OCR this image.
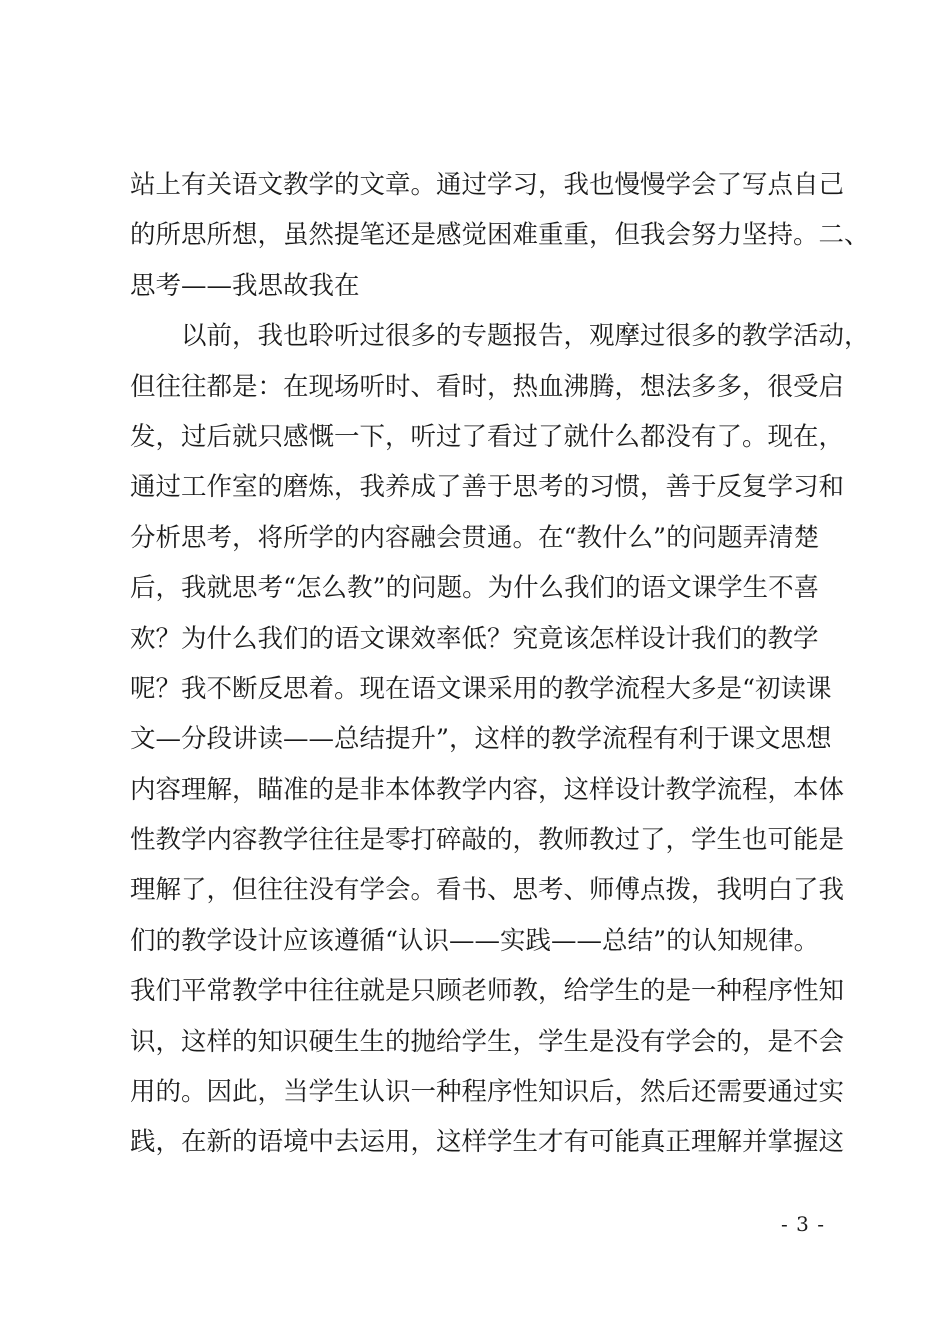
站上有关语文教学的文章。通过学习，我也慢慢学会了写点自己
的所思所想，虽然提笔还是感觉困难重重，但我会努力坚持。二、
思考——我思故我在
以前，我也聆听过很多的专题报告，观摩过很多的教学活动，
但往往都是：在现场听时、看时，热血沸腾，想法多多，很受启
发，过后就只感慨一下，听过了看过了就什么都没有了。现在，
通过工作室的磨炼，我养成了善于思考的习惯，善于反复学习和
分析思考，将所学的内容融会贯通。在“教什么”的问题弄清楚
后，我就思考“怎么教”的问题。为什么我们的语文课学生不喜
欢？为什么我们的语文课效率低？究竟该怎样设计我们的教学
呢？我不断反思着。现在语文课采用的教学流程大多是“初读课
文—分段讲读——总结提升”，这样的教学流程有利于课文思想
内容理解，瞄准的是非本体教学内容，这样设计教学流程，本体
性教学内容教学往往是零打碎敲的，教师教过了，学生也可能是
理解了，但往往没有学会。看书、思考、师傅点拨，我明白了我
们的教学设计应该遵循“认识——实践——总结”的认知规律。
我们平常教学中往往就是只顾老师教，给学生的是一种程序性知
识，这样的知识硬生生的抛给学生，学生是没有学会的，是不会
用的。因此，当学生认识一种程序性知识后，然后还需要通过实
践，在新的语境中去运用，这样学生才有可能真正理解并掌握这
- 3 -
